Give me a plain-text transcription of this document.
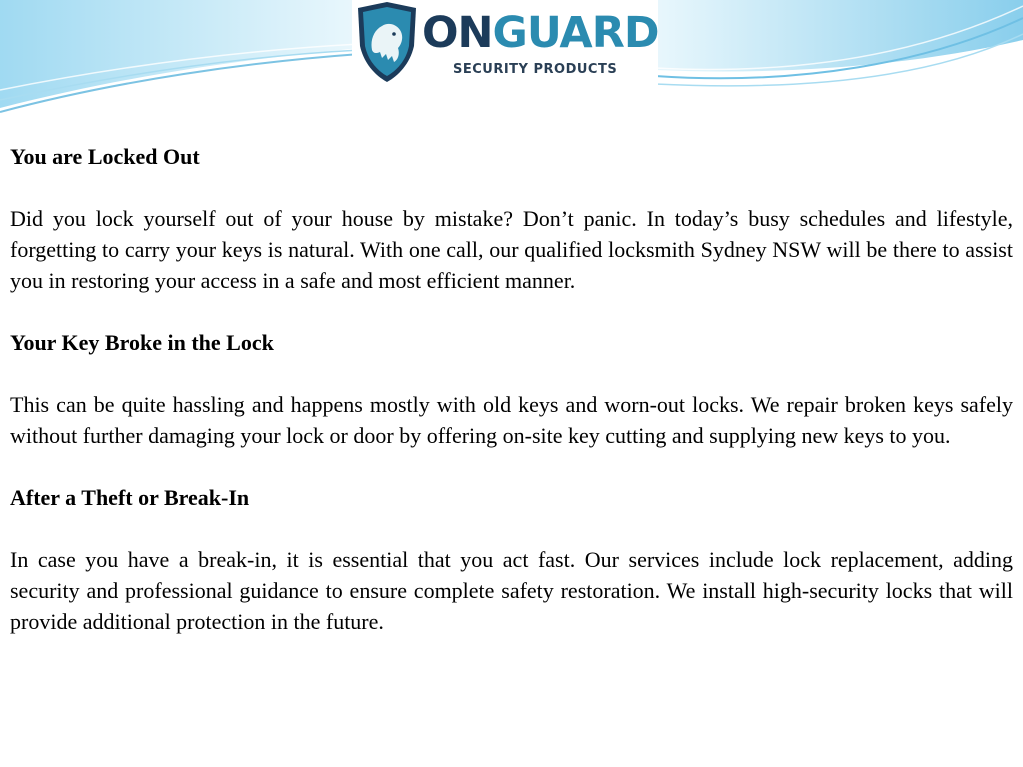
ONGUARD
SECURITY PRODUCTS
You are Locked Out

Did you lock yourself out of your house by mistake? Don’t panic. In today’s busy schedules and lifestyle, forgetting to carry your keys is natural. With one call, our qualified locksmith Sydney NSW will be there to assist you in restoring your access in a safe and most efficient manner.

Your Key Broke in the Lock

This can be quite hassling and happens mostly with old keys and worn-out locks. We repair broken keys safely without further damaging your lock or door by offering on-site key cutting and supplying new keys to you.

After a Theft or Break-In

In case you have a break-in, it is essential that you act fast. Our services include lock replacement, adding security and professional guidance to ensure complete safety restoration. We install high-security locks that will provide additional protection in the future.
